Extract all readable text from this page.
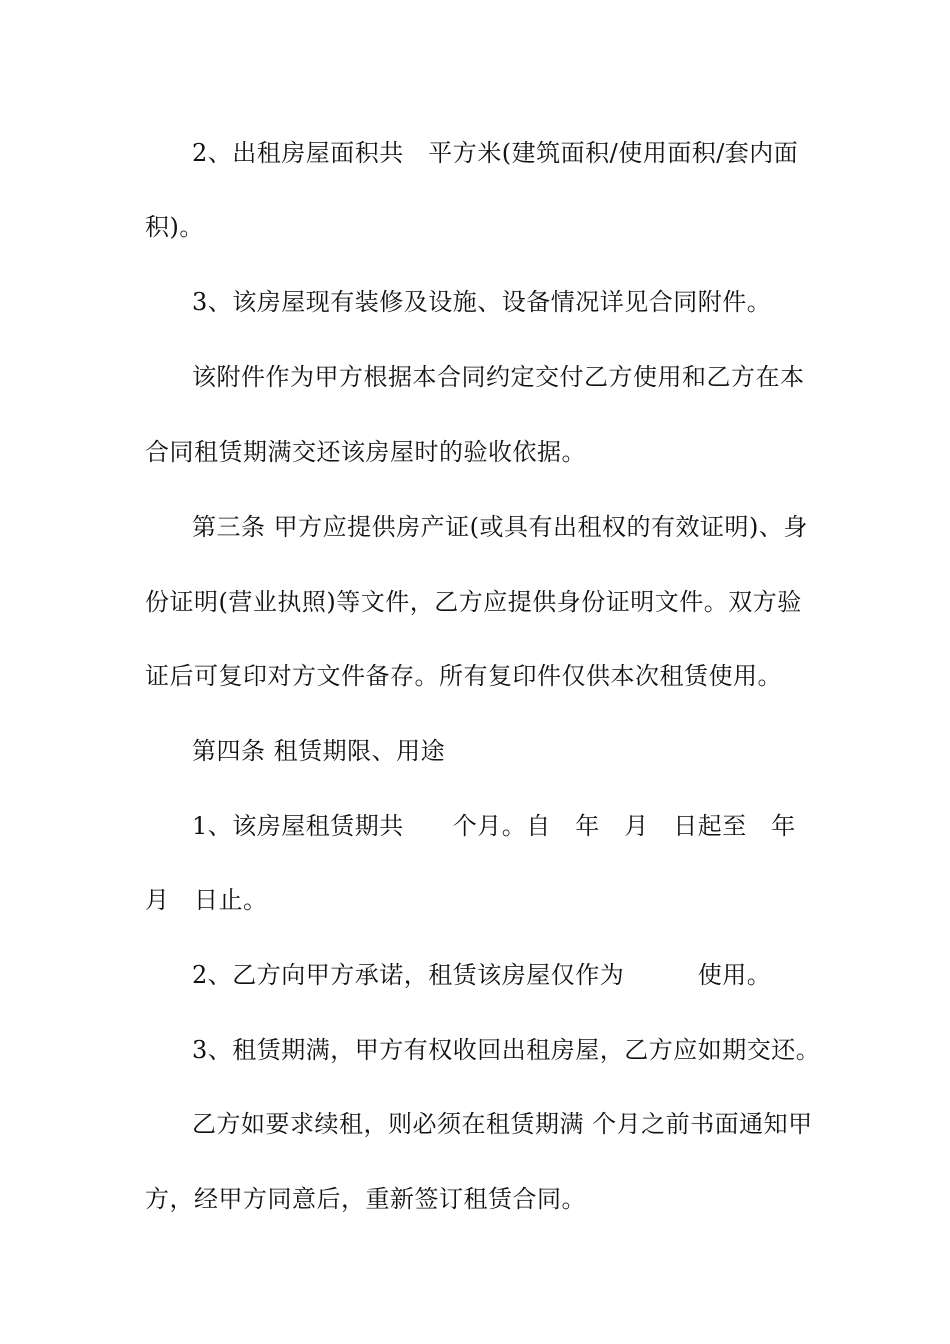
2、出租房屋面积共　平方米(建筑面积/使用面积/套内面
积)。
3、该房屋现有装修及设施、设备情况详见合同附件。
该附件作为甲方根据本合同约定交付乙方使用和乙方在本
合同租赁期满交还该房屋时的验收依据。
第三条 甲方应提供房产证(或具有出租权的有效证明)、身
份证明(营业执照)等文件，乙方应提供身份证明文件。双方验
证后可复印对方文件备存。所有复印件仅供本次租赁使用。
第四条 租赁期限、用途
1、该房屋租赁期共　　个月。自　年　月　日起至　年
月　日止。
2、乙方向甲方承诺，租赁该房屋仅作为　　　使用。
3、租赁期满，甲方有权收回出租房屋，乙方应如期交还。
乙方如要求续租，则必须在租赁期满 个月之前书面通知甲
方，经甲方同意后，重新签订租赁合同。
